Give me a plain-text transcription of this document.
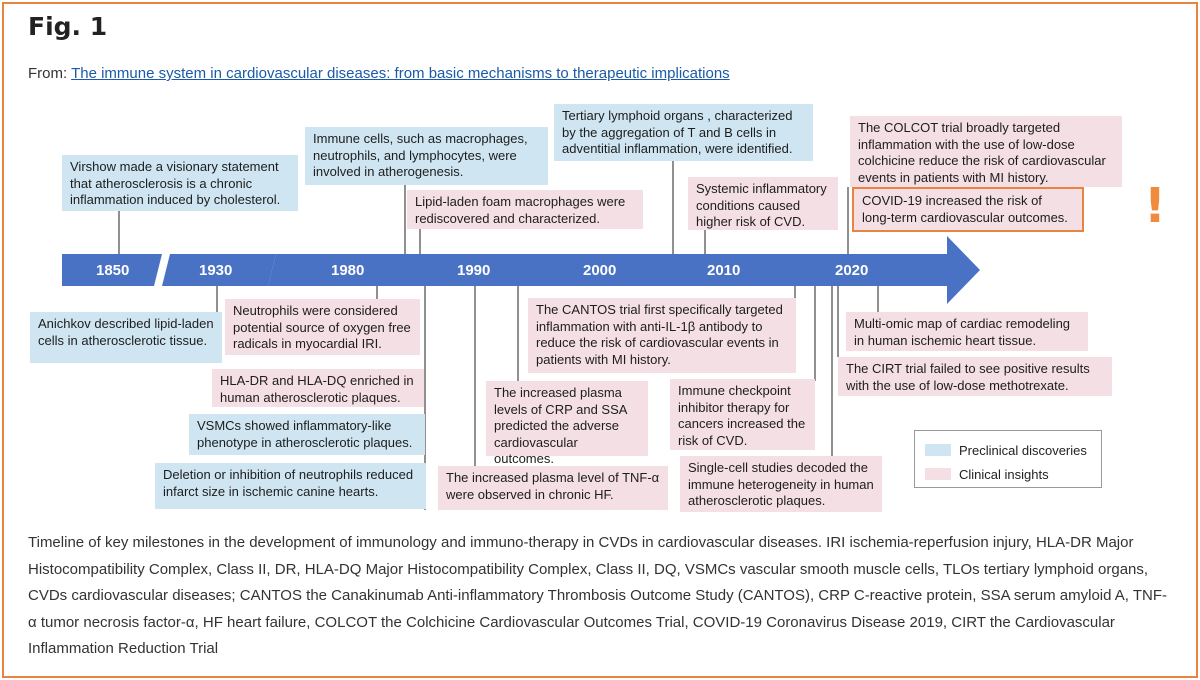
Fig. 1
From: The immune system in cardiovascular diseases: from basic mechanisms to therapeutic implications
1850	1930	1980	1990	2000	2010	2020
Virshow made a visionary statement that atherosclerosis is a chronic inflammation induced by cholesterol.
Immune cells, such as macrophages, neutrophils, and lymphocytes, were involved in atherogenesis.
Lipid-laden foam macrophages were rediscovered and characterized.
Tertiary lymphoid organs , characterized by the aggregation of T and B cells in adventitial inflammation, were identified.
Systemic inflammatory conditions caused higher risk of CVD.
The COLCOT trial broadly targeted inflammation with the use of low-dose colchicine reduce the risk of cardiovascular events in patients with MI history.
COVID-19 increased the risk of long-term cardiovascular outcomes.	!
Anichkov described lipid-laden cells in atherosclerotic tissue.
Neutrophils were considered potential source of oxygen free radicals in myocardial IRI.
HLA-DR and HLA-DQ enriched in human atherosclerotic plaques.
VSMCs showed inflammatory-like phenotype in atherosclerotic plaques.
Deletion or inhibition of neutrophils reduced infarct size in ischemic canine hearts.
The CANTOS trial first specifically targeted inflammation with anti-IL-1β antibody to reduce the risk of cardiovascular events in patients with MI history.
The increased plasma levels of CRP and SSA predicted the adverse cardiovascular outcomes.
The increased plasma level of TNF-α were observed in chronic HF.
Immune checkpoint inhibitor therapy for cancers increased the risk of CVD.
Single-cell studies decoded the immune heterogeneity in human atherosclerotic plaques.
Multi-omic map of cardiac remodeling in human ischemic heart tissue.
The CIRT trial failed to see positive results with the use of low-dose methotrexate.
Preclinical discoveries
Clinical insights
Timeline of key milestones in the development of immunology and immuno-therapy in CVDs in cardiovascular diseases. IRI ischemia-reperfusion injury, HLA-DR Major Histocompatibility Complex, Class II, DR, HLA-DQ Major Histocompatibility Complex, Class II, DQ, VSMCs vascular smooth muscle cells, TLOs tertiary lymphoid organs, CVDs cardiovascular diseases; CANTOS the Canakinumab Anti-inflammatory Thrombosis Outcome Study (CANTOS), CRP C-reactive protein, SSA serum amyloid A, TNF-α tumor necrosis factor-α, HF heart failure, COLCOT the Colchicine Cardiovascular Outcomes Trial, COVID-19 Coronavirus Disease 2019, CIRT the Cardiovascular Inflammation Reduction Trial
